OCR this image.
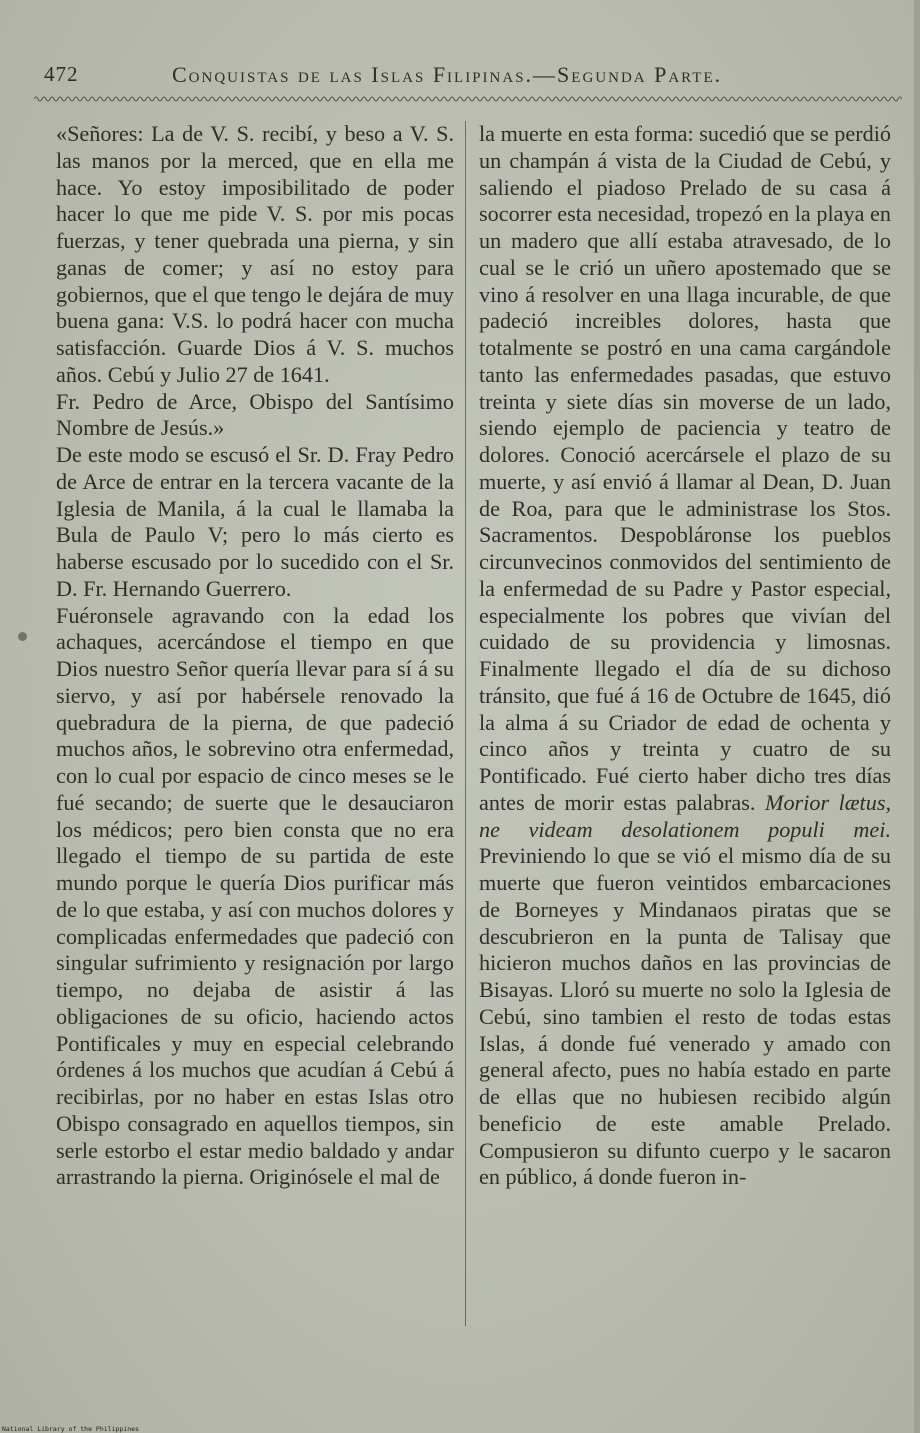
472	Conquistas de las Islas Filipinas.—Segunda Parte.

«Señores: La de V. S. recibí, y beso a V. S. las manos por la merced, que en ella me hace. Yo estoy imposibilitado de poder hacer lo que me pide V. S. por mis pocas fuerzas, y tener quebrada una pierna, y sin ganas de comer; y así no estoy para gobiernos, que el que tengo le dejára de muy buena gana: V.S. lo podrá hacer con mucha satisfacción. Guarde Dios á V. S. muchos años. Cebú y Julio 27 de 1641.

Fr. Pedro de Arce, Obispo del Santísimo Nombre de Jesús.»

De este modo se escusó el Sr. D. Fray Pedro de Arce de entrar en la tercera vacante de la Iglesia de Manila, á la cual le llamaba la Bula de Paulo V; pero lo más cierto es haberse escusado por lo sucedido con el Sr. D. Fr. Hernando Guerrero.

Fuéronsele agravando con la edad los achaques, acercándose el tiempo en que Dios nuestro Señor quería llevar para sí á su siervo, y así por habérsele renovado la quebradura de la pierna, de que padeció muchos años, le sobrevino otra enfermedad, con lo cual por espacio de cinco meses se le fué secando; de suerte que le desauciaron los médicos; pero bien consta que no era llegado el tiempo de su partida de este mundo porque le quería Dios purificar más de lo que estaba, y así con muchos dolores y complicadas enfermedades que padeció con singular sufrimiento y resignación por largo tiempo, no dejaba de asistir á las obligaciones de su oficio, haciendo actos Pontificales y muy en especial celebrando órdenes á los muchos que acudían á Cebú á recibirlas, por no haber en estas Islas otro Obispo consagrado en aquellos tiempos, sin serle estorbo el estar medio baldado y andar arrastrando la pierna. Originósele el mal de

la muerte en esta forma: sucedió que se perdió un champán á vista de la Ciudad de Cebú, y saliendo el piadoso Prelado de su casa á socorrer esta necesidad, tropezó en la playa en un madero que allí estaba atravesado, de lo cual se le crió un uñero apostemado que se vino á resolver en una llaga incurable, de que padeció increibles dolores, hasta que totalmente se postró en una cama cargándole tanto las enfermedades pasadas, que estuvo treinta y siete días sin moverse de un lado, siendo ejemplo de paciencia y teatro de dolores. Conoció acercársele el plazo de su muerte, y así envió á llamar al Dean, D. Juan de Roa, para que le administrase los Stos. Sacramentos. Despobláronse los pueblos circunvecinos conmovidos del sentimiento de la enfermedad de su Padre y Pastor especial, especialmente los pobres que vivían del cuidado de su providencia y limosnas. Finalmente llegado el día de su dichoso tránsito, que fué á 16 de Octubre de 1645, dió la alma á su Criador de edad de ochenta y cinco años y treinta y cuatro de su Pontificado. Fué cierto haber dicho tres días antes de morir estas palabras. Morior lætus, ne videam desolationem populi mei. Previniendo lo que se vió el mismo día de su muerte que fueron veintidos embarcaciones de Borneyes y Mindanaos piratas que se descubrieron en la punta de Talisay que hicieron muchos daños en las provincias de Bisayas. Lloró su muerte no solo la Iglesia de Cebú, sino tambien el resto de todas estas Islas, á donde fué venerado y amado con general afecto, pues no había estado en parte de ellas que no hubiesen recibido algún beneficio de este amable Prelado. Compusieron su difunto cuerpo y le sacaron en público, á donde fueron in-

National Library of the Philippines
